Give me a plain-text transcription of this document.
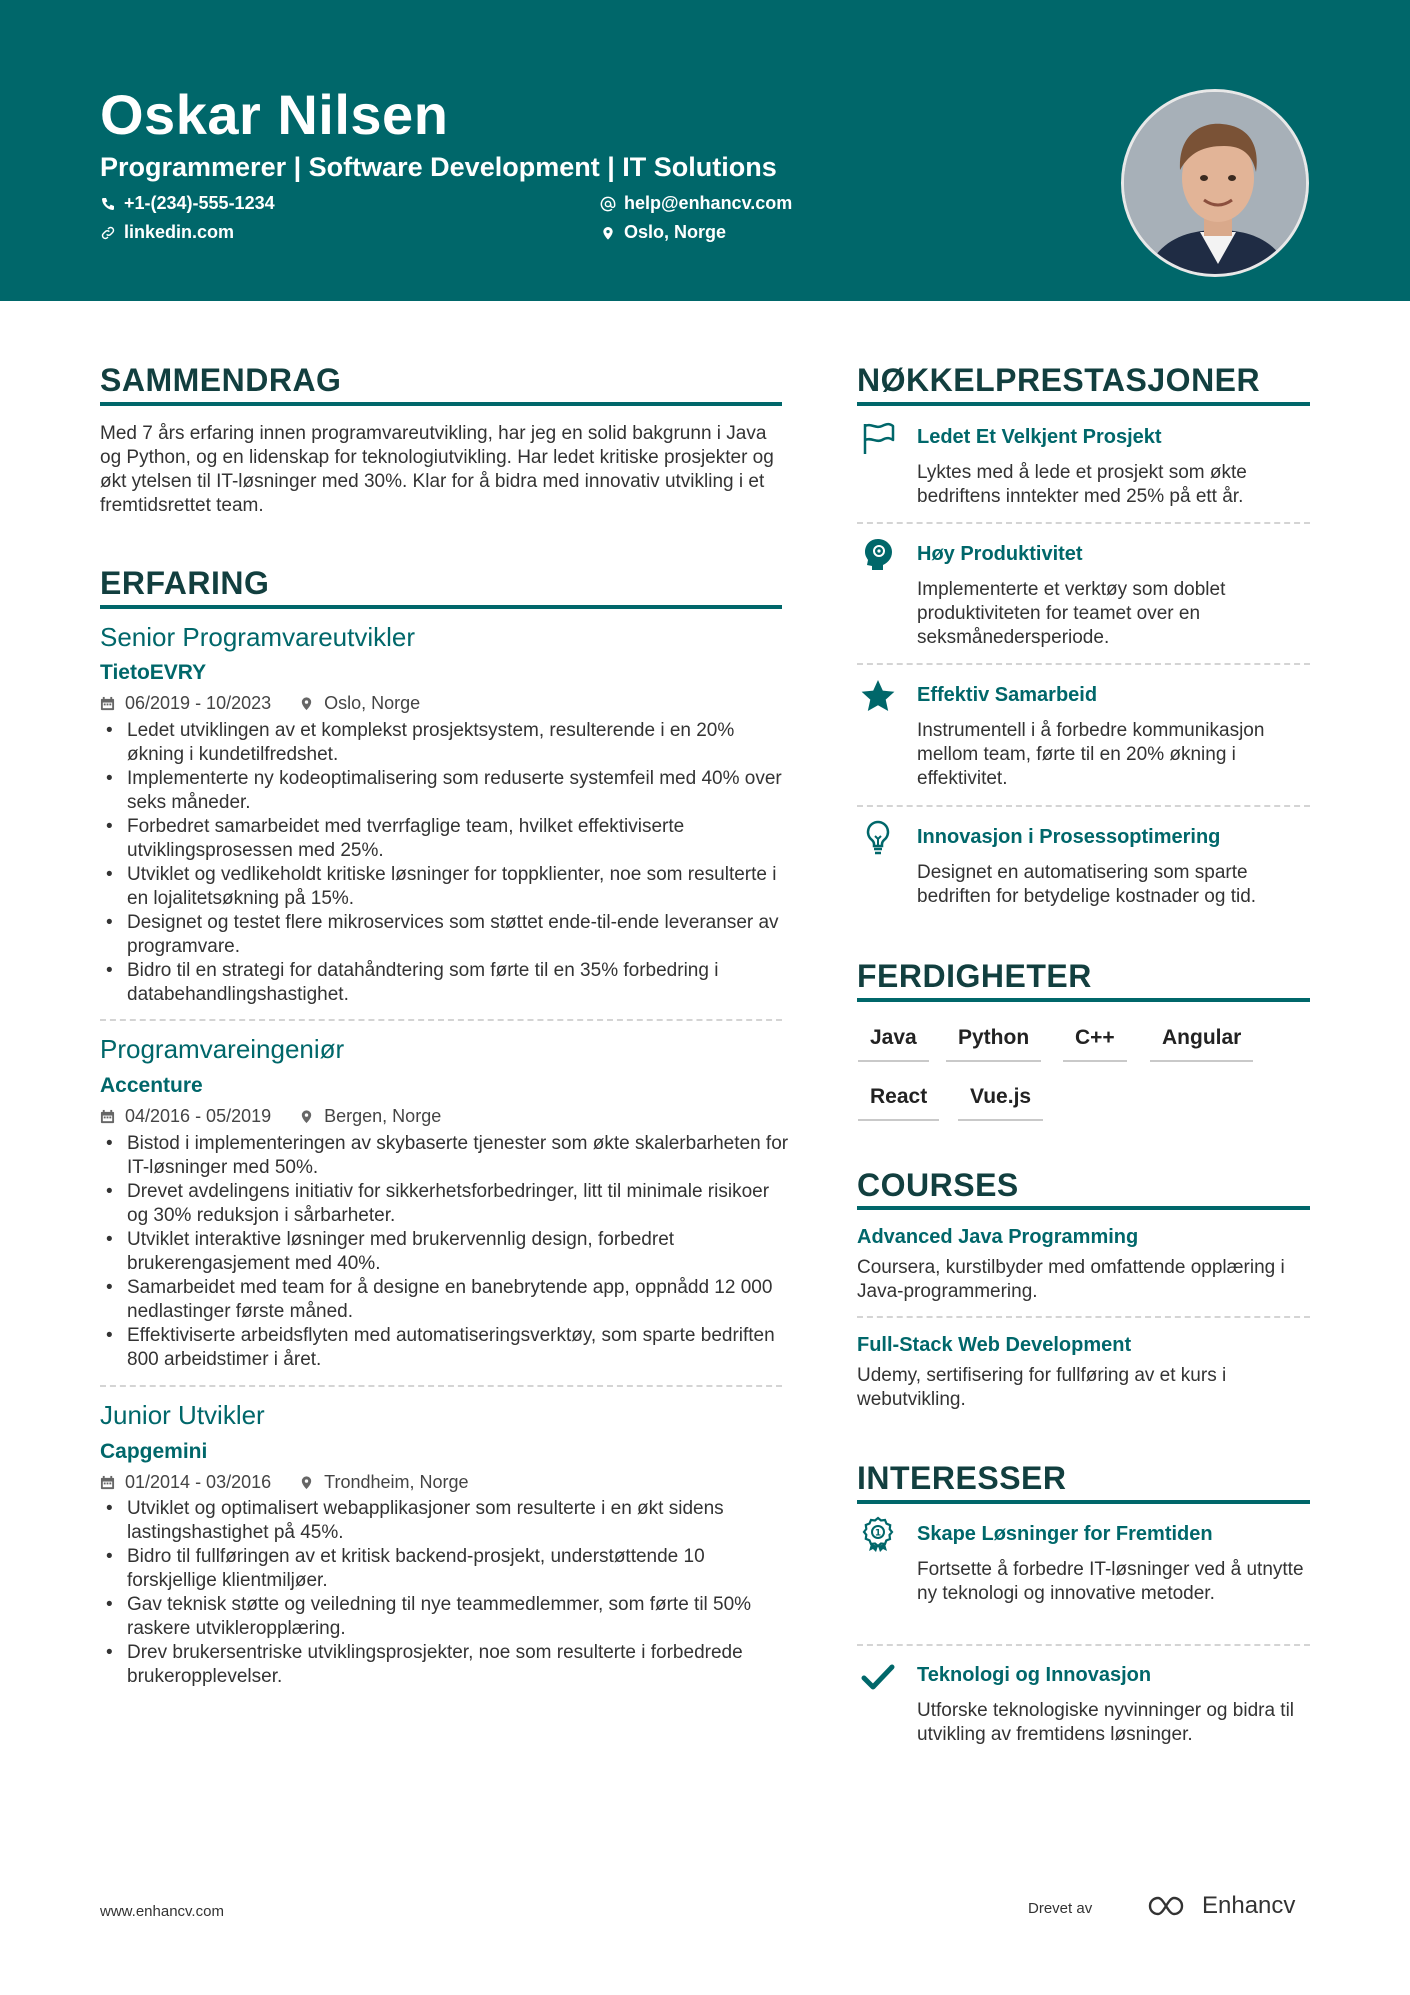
Oskar Nilsen
Programmerer | Software Development | IT Solutions
+1-(234)-555-1234	help@enhancv.com
linkedin.com	Oslo, Norge
SAMMENDRAG
Med 7 års erfaring innen programvareutvikling, har jeg en solid bakgrunn i Java og Python, og en lidenskap for teknologiutvikling. Har ledet kritiske prosjekter og økt ytelsen til IT-løsninger med 30%. Klar for å bidra med innovativ utvikling i et fremtidsrettet team.
ERFARING
Senior Programvareutvikler
TietoEVRY
06/2019 - 10/2023	Oslo, Norge
• Ledet utviklingen av et komplekst prosjektsystem, resulterende i en 20% økning i kundetilfredshet.
• Implementerte ny kodeoptimalisering som reduserte systemfeil med 40% over seks måneder.
• Forbedret samarbeidet med tverrfaglige team, hvilket effektiviserte utviklingsprosessen med 25%.
• Utviklet og vedlikeholdt kritiske løsninger for toppklienter, noe som resulterte i en lojalitetsøkning på 15%.
• Designet og testet flere mikroservices som støttet ende-til-ende leveranser av programvare.
• Bidro til en strategi for datahåndtering som førte til en 35% forbedring i databehandlingshastighet.
Programvareingeniør
Accenture
04/2016 - 05/2019	Bergen, Norge
• Bistod i implementeringen av skybaserte tjenester som økte skalerbarheten for IT-løsninger med 50%.
• Drevet avdelingens initiativ for sikkerhetsforbedringer, litt til minimale risikoer og 30% reduksjon i sårbarheter.
• Utviklet interaktive løsninger med brukervennlig design, forbedret brukerengasjement med 40%.
• Samarbeidet med team for å designe en banebrytende app, oppnådd 12 000 nedlastinger første måned.
• Effektiviserte arbeidsflyten med automatiseringsverktøy, som sparte bedriften 800 arbeidstimer i året.
Junior Utvikler
Capgemini
01/2014 - 03/2016	Trondheim, Norge
• Utviklet og optimalisert webapplikasjoner som resulterte i en økt sidens lastingshastighet på 45%.
• Bidro til fullføringen av et kritisk backend-prosjekt, understøttende 10 forskjellige klientmiljøer.
• Gav teknisk støtte og veiledning til nye teammedlemmer, som førte til 50% raskere utvikleropplæring.
• Drev brukersentriske utviklingsprosjekter, noe som resulterte i forbedrede brukeropplevelser.
NØKKELPRESTASJONER
Ledet Et Velkjent Prosjekt
Lyktes med å lede et prosjekt som økte bedriftens inntekter med 25% på ett år.
Høy Produktivitet
Implementerte et verktøy som doblet produktiviteten for teamet over en seksmånedersperiode.
Effektiv Samarbeid
Instrumentell i å forbedre kommunikasjon mellom team, førte til en 20% økning i effektivitet.
Innovasjon i Prosessoptimering
Designet en automatisering som sparte bedriften for betydelige kostnader og tid.
FERDIGHETER
Java	Python	C++	Angular
React	Vue.js
COURSES
Advanced Java Programming
Coursera, kurstilbyder med omfattende opplæring i Java-programmering.
Full-Stack Web Development
Udemy, sertifisering for fullføring av et kurs i webutvikling.
INTERESSER
1 Skape Løsninger for Fremtiden
Fortsette å forbedre IT-løsninger ved å utnytte ny teknologi og innovative metoder.
Teknologi og Innovasjon
Utforske teknologiske nyvinninger og bidra til utvikling av fremtidens løsninger.
www.enhancv.com	Drevet av	Enhancv
